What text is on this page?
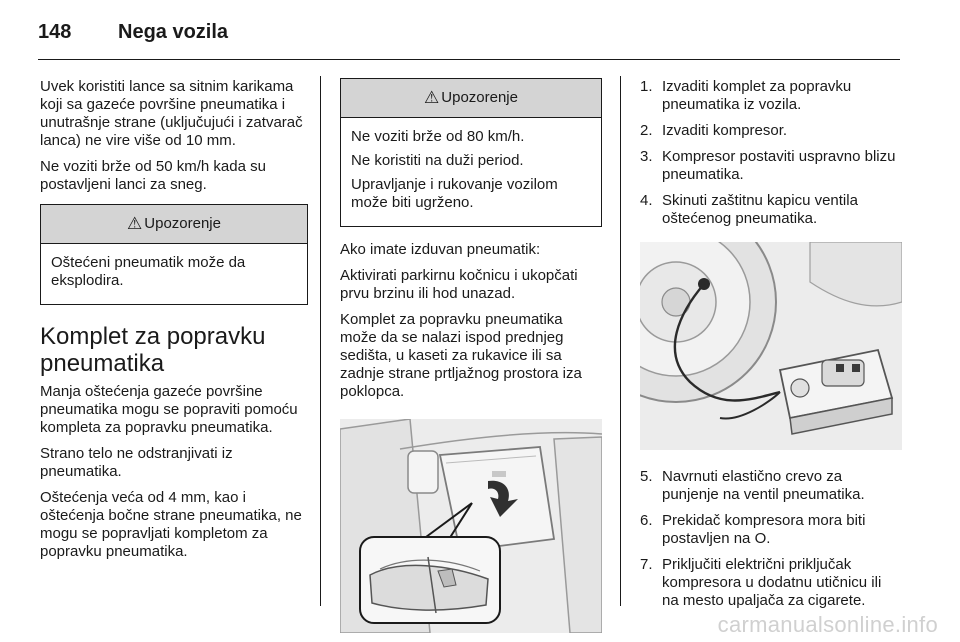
148 Nega vozila

Uvek koristiti lance sa sitnim karikama koji sa gazeće površine pneumatika i unutrašnje strane (uključujući i zatvarač lanca) ne vire više od 10 mm.

Ne voziti brže od 50 km/h kada su postavljeni lanci za sneg.

⚠ Upozorenje

Oštećeni pneumatik može da eksplodira.

Komplet za popravku pneumatika

Manja oštećenja gazeće površine pneumatika mogu se popraviti pomoću kompleta za popravku pneumatika.

Strano telo ne odstranjivati iz pneumatika.

Oštećenja veća od 4 mm, kao i oštećenja bočne strane pneumatika, ne mogu se popravljati kompletom za popravku pneumatika.

⚠ Upozorenje

Ne voziti brže od 80 km/h.

Ne koristiti na duži period.

Upravljanje i rukovanje vozilom može biti ugrženo.

Ako imate izduvan pneumatik:

Aktivirati parkirnu kočnicu i ukopčati prvu brzinu ili hod unazad.

Komplet za popravku pneumatika može da se nalazi ispod prednjeg sedišta, u kaseti za rukavice ili sa zadnje strane prtljažnog prostora iza poklopca.

1. Izvaditi komplet za popravku pneumatika iz vozila.
2. Izvaditi kompresor.
3. Kompresor postaviti uspravno blizu pneumatika.
4. Skinuti zaštitnu kapicu ventila oštećenog pneumatika.
5. Navrnuti elastično crevo za punjenje na ventil pneumatika.
6. Prekidač kompresora mora biti postavljen na O.
7. Priključiti električni priključak kompresora u dodatnu utičnicu ili na mesto upaljača za cigarete.
carmanualsonline.info
